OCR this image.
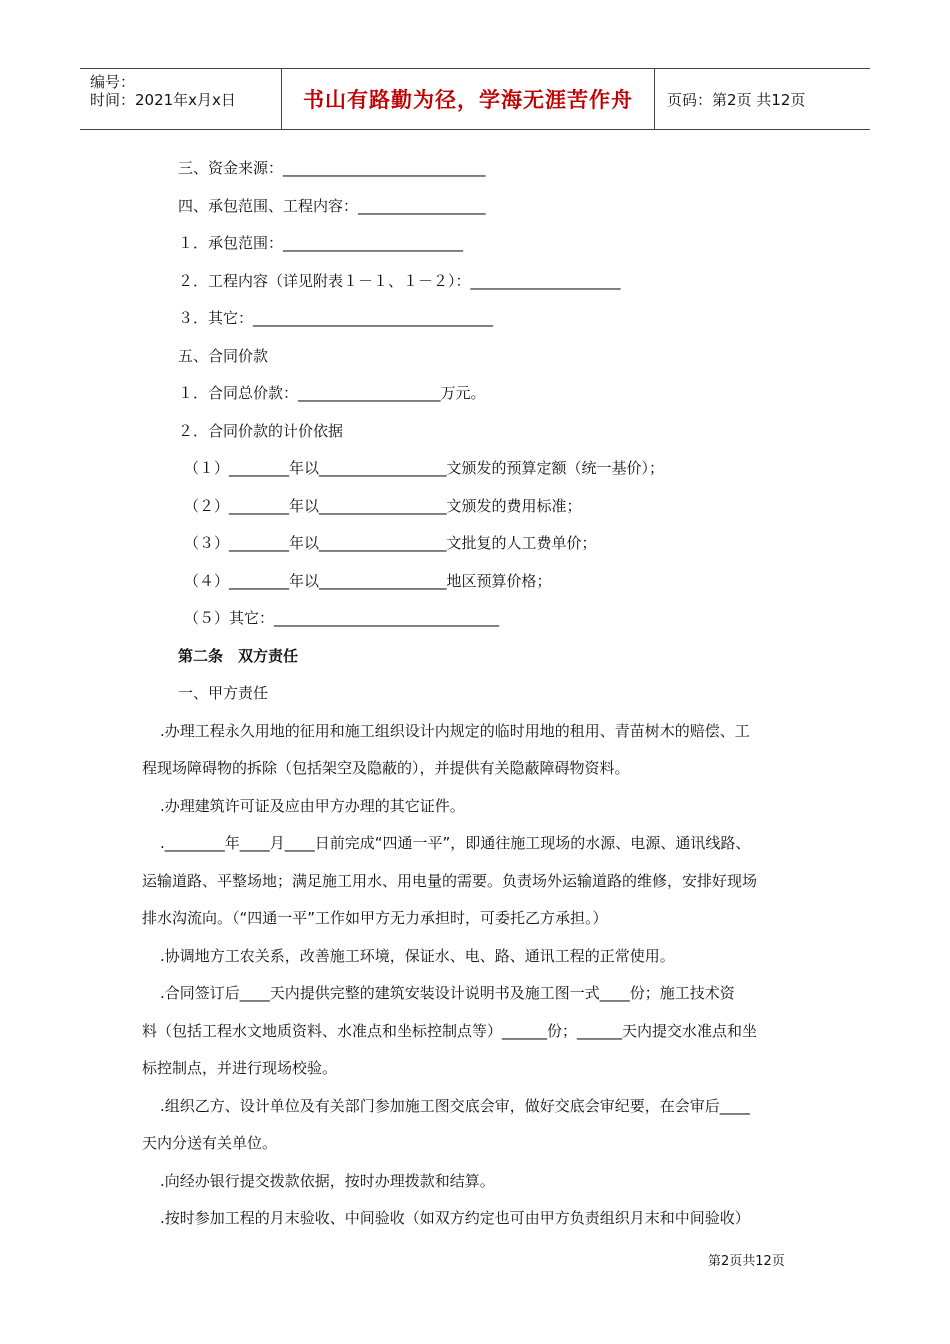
编号：
时间：2021年x月x日	书山有路勤为径，学海无涯苦作舟	页码：第2页 共12页
三、资金来源：___________________________
四、承包范围、工程内容：_________________
１．承包范围：________________________
２．工程内容（详见附表１－１、１－２）：____________________
３．其它：________________________________
五、合同价款
１．合同总价款：___________________万元。
２．合同价款的计价依据
（１）________年以_________________文颁发的预算定额（统一基价）；
（２）________年以_________________文颁发的费用标准；
（３）________年以_________________文批复的人工费单价；
（４）________年以_________________地区预算价格；
（５）其它：______________________________
第二条　双方责任
一、甲方责任
.办理工程永久用地的征用和施工组织设计内规定的临时用地的租用、青苗树木的赔偿、工
程现场障碍物的拆除（包括架空及隐蔽的），并提供有关隐蔽障碍物资料。
.办理建筑许可证及应由甲方办理的其它证件。
.________年____月____日前完成“四通一平”，即通往施工现场的水源、电源、通讯线路、
运输道路、平整场地；满足施工用水、用电量的需要。负责场外运输道路的维修，安排好现场
排水沟流向。（“四通一平”工作如甲方无力承担时，可委托乙方承担。）
.协调地方工农关系，改善施工环境，保证水、电、路、通讯工程的正常使用。
.合同签订后____天内提供完整的建筑安装设计说明书及施工图一式____份；施工技术资
料（包括工程水文地质资料、水准点和坐标控制点等）______份；______天内提交水准点和坐
标控制点，并进行现场校验。
.组织乙方、设计单位及有关部门参加施工图交底会审，做好交底会审纪要，在会审后____
天内分送有关单位。
.向经办银行提交拨款依据，按时办理拨款和结算。
.按时参加工程的月末验收、中间验收（如双方约定也可由甲方负责组织月末和中间验收）
第2页共12页
